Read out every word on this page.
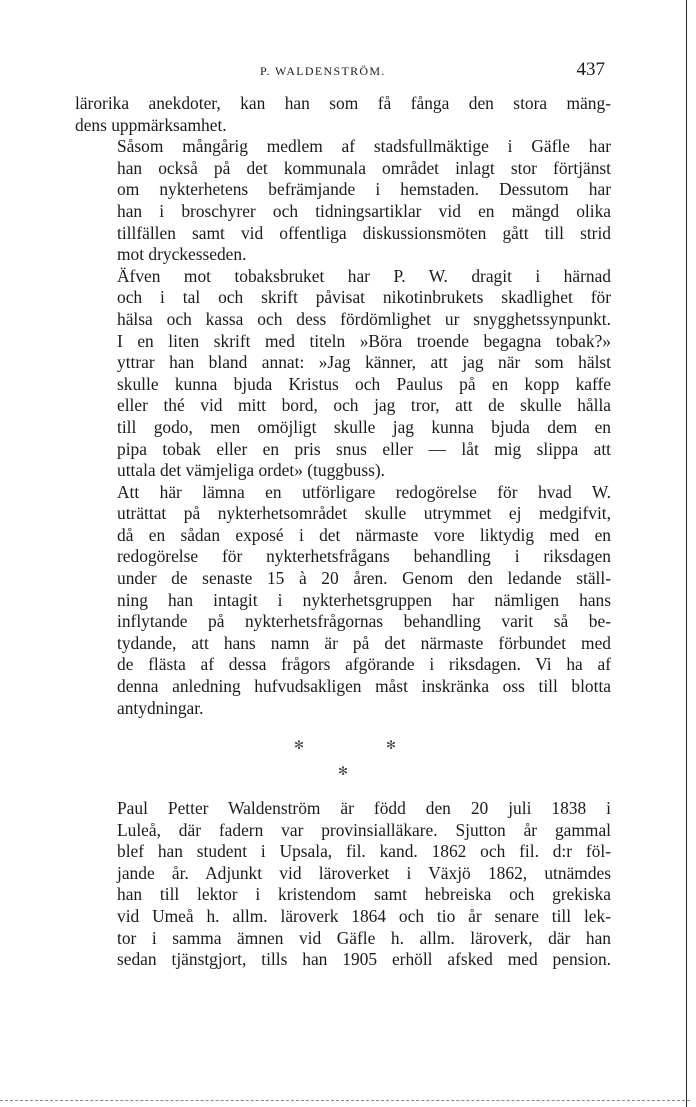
P. WALDENSTRÖM.	437

lärorika anekdoter, kan han som få fånga den stora mäng-
dens uppmärksamhet.

Såsom mångårig medlem af stadsfullmäktige i Gäfle har
han också på det kommunala området inlagt stor förtjänst
om nykterhetens befrämjande i hemstaden. Dessutom har
han i broschyrer och tidningsartiklar vid en mängd olika
tillfällen samt vid offentliga diskussionsmöten gått till strid
mot dryckesseden.

Äfven mot tobaksbruket har P. W. dragit i härnad
och i tal och skrift påvisat nikotinbrukets skadlighet för
hälsa och kassa och dess fördömlighet ur snygghetssynpunkt.
I en liten skrift med titeln »Böra troende begagna tobak?»
yttrar han bland annat: »Jag känner, att jag när som hälst
skulle kunna bjuda Kristus och Paulus på en kopp kaffe
eller thé vid mitt bord, och jag tror, att de skulle hålla
till godo, men omöjligt skulle jag kunna bjuda dem en
pipa tobak eller en pris snus eller — låt mig slippa att
uttala det vämjeliga ordet» (tuggbuss).

Att här lämna en utförligare redogörelse för hvad W.
uträttat på nykterhetsområdet skulle utrymmet ej medgifvit,
då en sådan exposé i det närmaste vore liktydig med en
redogörelse för nykterhetsfrågans behandling i riksdagen
under de senaste 15 à 20 åren. Genom den ledande ställ-
ning han intagit i nykterhetsgruppen har nämligen hans
inflytande på nykterhetsfrågornas behandling varit så be-
tydande, att hans namn är på det närmaste förbundet med
de flästa af dessa frågors afgörande i riksdagen. Vi ha af
denna anledning hufvudsakligen måst inskränka oss till blotta
antydningar.

✻	✻
✻

Paul Petter Waldenström är född den 20 juli 1838 i
Luleå, där fadern var provinsialläkare. Sjutton år gammal
blef han student i Upsala, fil. kand. 1862 och fil. d:r föl-
jande år. Adjunkt vid läroverket i Växjö 1862, utnämdes
han till lektor i kristendom samt hebreiska och grekiska
vid Umeå h. allm. läroverk 1864 och tio år senare till lek-
tor i samma ämnen vid Gäfle h. allm. läroverk, där han
sedan tjänstgjort, tills han 1905 erhöll afsked med pension.
